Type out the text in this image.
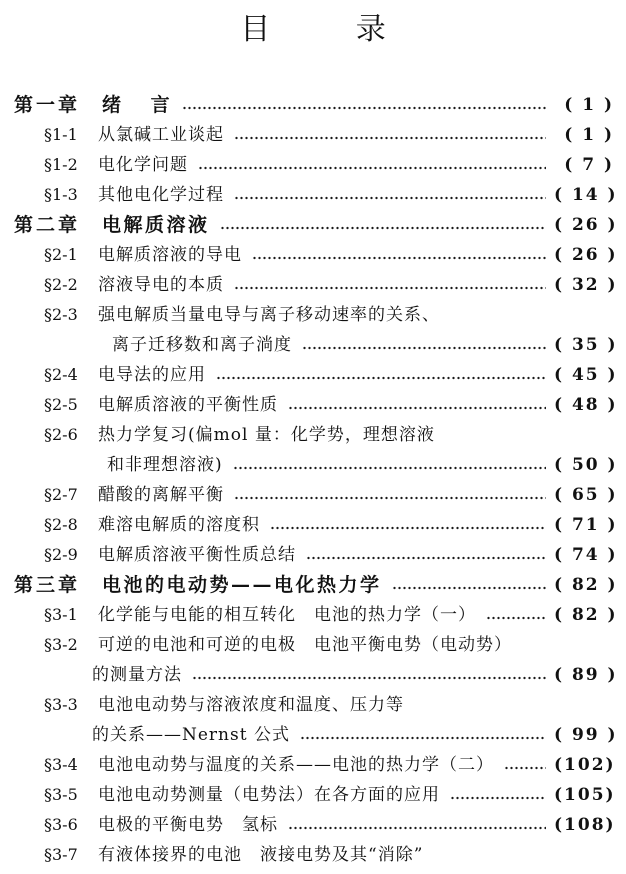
目 录
第一章	绪 言	( 1 )
§1-1	从氯碱工业谈起	( 1 )
§1-2	电化学问题	( 7 )
§1-3	其他电化学过程	( 14 )
第二章	电解质溶液	( 26 )
§2-1	电解质溶液的导电	( 26 )
§2-2	溶液导电的本质	( 32 )
§2-3	强电解质当量电导与离子移动速率的关系、
离子迁移数和离子淌度	( 35 )
§2-4	电导法的应用	( 45 )
§2-5	电解质溶液的平衡性质	( 48 )
§2-6	热力学复习(偏mol 量：化学势，理想溶液
和非理想溶液)	( 50 )
§2-7	醋酸的离解平衡	( 65 )
§2-8	难溶电解质的溶度积	( 71 )
§2-9	电解质溶液平衡性质总结	( 74 )
第三章	电池的电动势——电化热力学	( 82 )
§3-1	化学能与电能的相互转化　电池的热力学（一）	( 82 )
§3-2	可逆的电池和可逆的电极　电池平衡电势（电动势）
的测量方法	( 89 )
§3-3	电池电动势与溶液浓度和温度、压力等
的关系——Nernst 公式	( 99 )
§3-4	电池电动势与温度的关系——电池的热力学（二）	(102)
§3-5	电池电动势测量（电势法）在各方面的应用	(105)
§3-6	电极的平衡电势　氢标	(108)
§3-7	有液体接界的电池　液接电势及其“消除”
